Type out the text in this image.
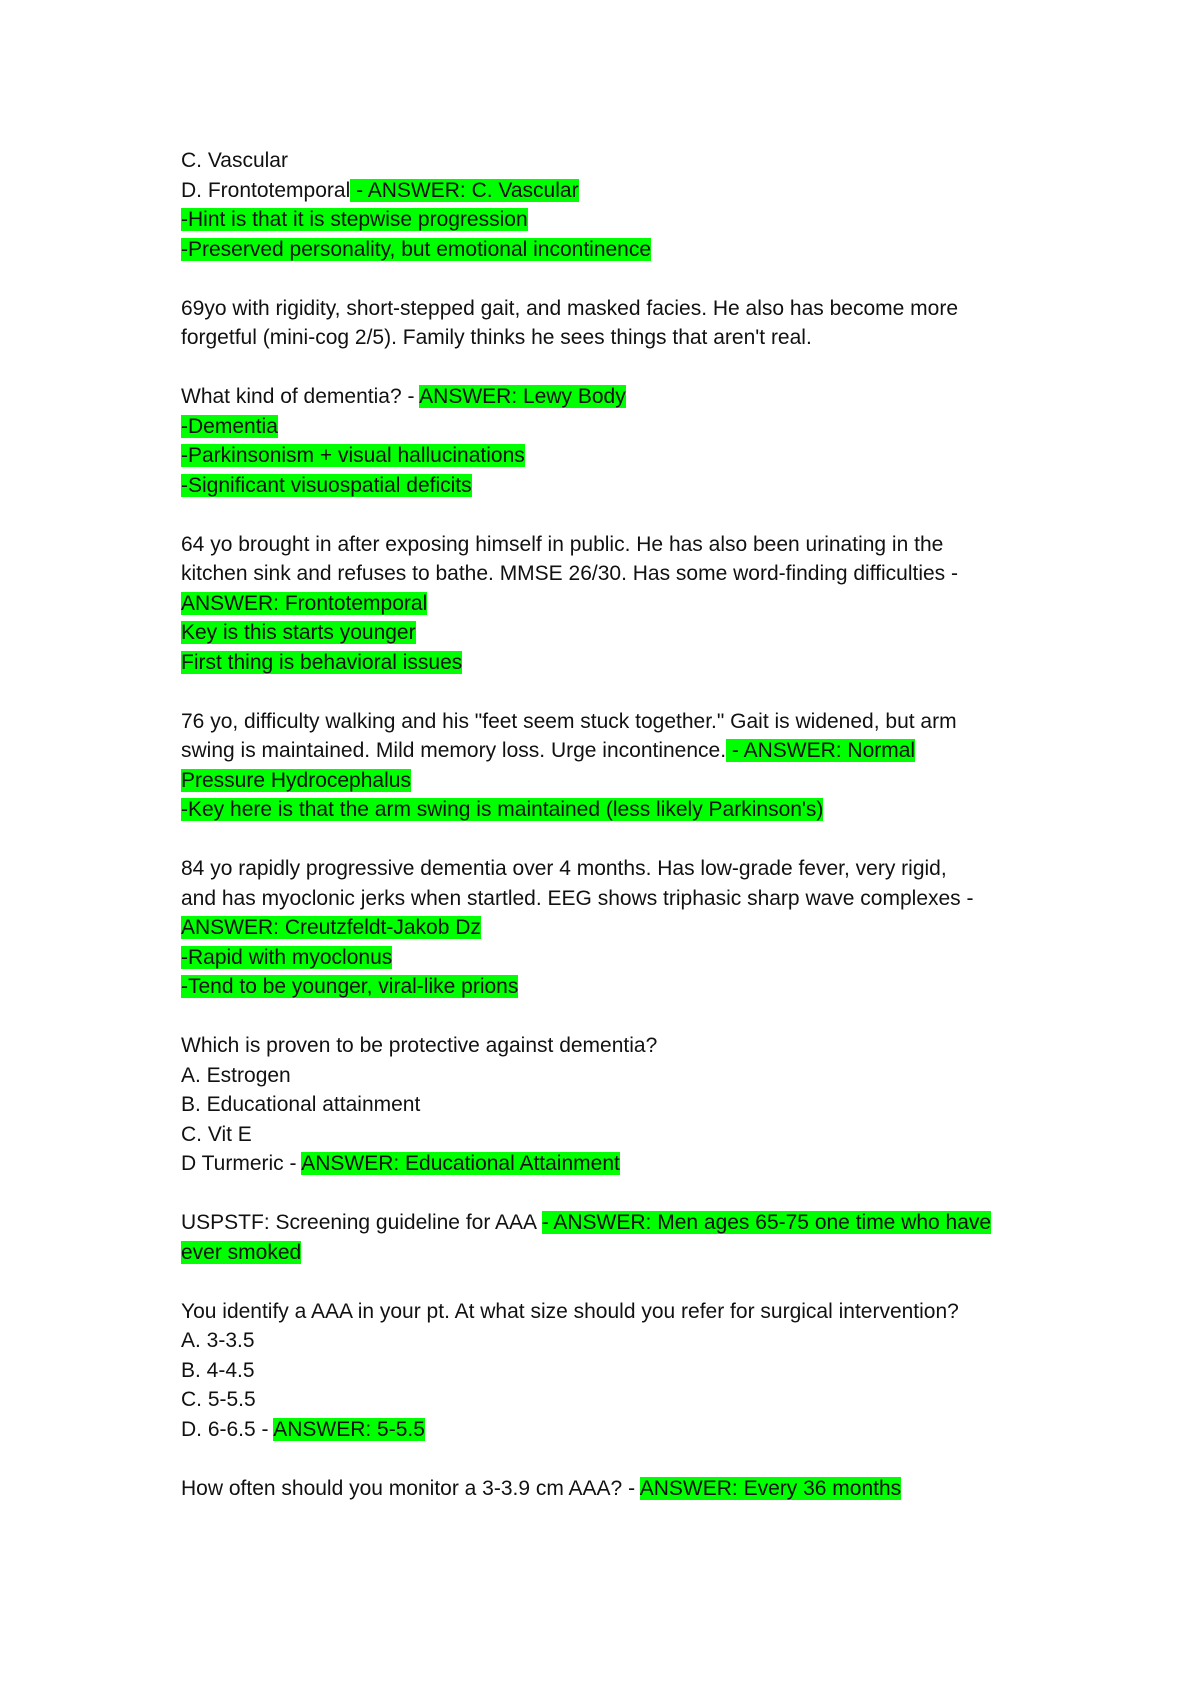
C. Vascular
D. Frontotemporal - ANSWER: C. Vascular
-Hint is that it is stepwise progression
-Preserved personality, but emotional incontinence
69yo with rigidity, short-stepped gait, and masked facies. He also has become more
forgetful (mini-cog 2/5). Family thinks he sees things that aren't real.
What kind of dementia? - ANSWER: Lewy Body
-Dementia
-Parkinsonism + visual hallucinations
-Significant visuospatial deficits
64 yo brought in after exposing himself in public. He has also been urinating in the
kitchen sink and refuses to bathe. MMSE 26/30. Has some word-finding difficulties -
ANSWER: Frontotemporal
Key is this starts younger
First thing is behavioral issues
76 yo, difficulty walking and his "feet seem stuck together." Gait is widened, but arm
swing is maintained. Mild memory loss. Urge incontinence. - ANSWER: Normal
Pressure Hydrocephalus
-Key here is that the arm swing is maintained (less likely Parkinson's)
84 yo rapidly progressive dementia over 4 months. Has low-grade fever, very rigid,
and has myoclonic jerks when startled. EEG shows triphasic sharp wave complexes -
ANSWER: Creutzfeldt-Jakob Dz
-Rapid with myoclonus
-Tend to be younger, viral-like prions
Which is proven to be protective against dementia?
A. Estrogen
B. Educational attainment
C. Vit E
D Turmeric - ANSWER: Educational Attainment
USPSTF: Screening guideline for AAA - ANSWER: Men ages 65-75 one time who have
ever smoked
You identify a AAA in your pt. At what size should you refer for surgical intervention?
A. 3-3.5
B. 4-4.5
C. 5-5.5
D. 6-6.5 - ANSWER: 5-5.5
How often should you monitor a 3-3.9 cm AAA? - ANSWER: Every 36 months
